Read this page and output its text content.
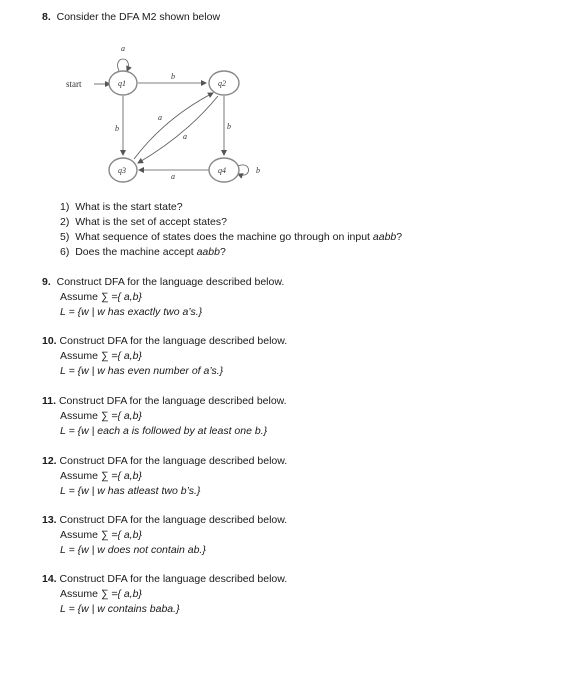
8. Consider the DFA M2 shown below
start
a
b
b
a
a
b
a
b
q1	q2
q3	q4
1) What is the start state?
2) What is the set of accept states?
5) What sequence of states does the machine go through on input aabb?
6) Does the machine accept aabb?
9. Construct DFA for the language described below.
Assume ∑ ={ a,b}
L = {w | w has exactly two a’s.}
10. Construct DFA for the language described below.
Assume ∑ ={ a,b}
L = {w | w has even number of a’s.}
11. Construct DFA for the language described below.
Assume ∑ ={ a,b}
L = {w | each a is followed by at least one b.}
12. Construct DFA for the language described below.
Assume ∑ ={ a,b}
L = {w | w has atleast two b’s.}
13. Construct DFA for the language described below.
Assume ∑ ={ a,b}
L = {w | w does not contain ab.}
14. Construct DFA for the language described below.
Assume ∑ ={ a,b}
L = {w | w contains baba.}
